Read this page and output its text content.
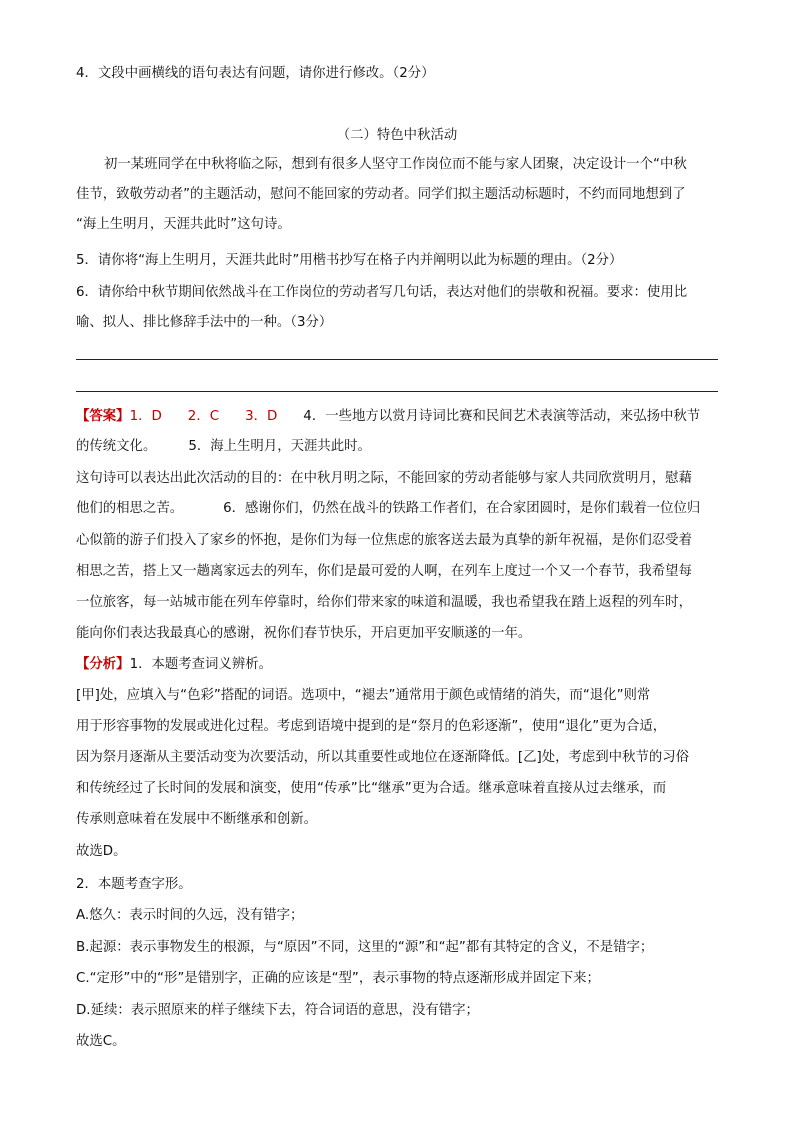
4．文段中画横线的语句表达有问题，请你进行修改。（2分）

（二）特色中秋活动

初一某班同学在中秋将临之际，想到有很多人坚守工作岗位而不能与家人团聚，决定设计一个“中秋

佳节，致敬劳动者”的主题活动，慰问不能回家的劳动者。同学们拟主题活动标题时，不约而同地想到了

“海上生明月，天涯共此时”这句诗。

5．请你将“海上生明月，天涯共此时”用楷书抄写在格子内并阐明以此为标题的理由。（2分）

6．请你给中秋节期间依然战斗在工作岗位的劳动者写几句话，表达对他们的崇敬和祝福。要求：使用比

喻、拟人、排比修辞手法中的一种。（3分）

【答案】1．D 2．C 3．D 4．一些地方以赏月诗词比赛和民间艺术表演等活动，来弘扬中秋节

的传统文化。 5．海上生明月，天涯共此时。

这句诗可以表达出此次活动的目的：在中秋月明之际，不能回家的劳动者能够与家人共同欣赏明月，慰藉

他们的相思之苦。	6．感谢你们，仍然在战斗的铁路工作者们，在合家团圆时，是你们载着一位位归

心似箭的游子们投入了家乡的怀抱，是你们为每一位焦虑的旅客送去最为真挚的新年祝福，是你们忍受着

相思之苦，搭上又一趟离家远去的列车，你们是最可爱的人啊，在列车上度过一个又一个春节，我希望每

一位旅客，每一站城市能在列车停靠时，给你们带来家的味道和温暖，我也希望我在踏上返程的列车时，

能向你们表达我最真心的感谢，祝你们春节快乐，开启更加平安顺遂的一年。

【分析】1．本题考查词义辨析。

[甲]处，应填入与“色彩”搭配的词语。选项中，“褪去”通常用于颜色或情绪的消失，而“退化”则常

用于形容事物的发展或进化过程。考虑到语境中提到的是“祭月的色彩逐渐”，使用“退化”更为合适，

因为祭月逐渐从主要活动变为次要活动，所以其重要性或地位在逐渐降低。[乙]处，考虑到中秋节的习俗

和传统经过了长时间的发展和演变，使用“传承”比“继承”更为合适。继承意味着直接从过去继承，而

传承则意味着在发展中不断继承和创新。

故选D。

2．本题考查字形。

A.悠久：表示时间的久远，没有错字；

B.起源：表示事物发生的根源，与“原因”不同，这里的“源”和“起”都有其特定的含义，不是错字；

C.“定形”中的“形”是错别字，正确的应该是“型”，表示事物的特点逐渐形成并固定下来；

D.延续：表示照原来的样子继续下去，符合词语的意思，没有错字；

故选C。
